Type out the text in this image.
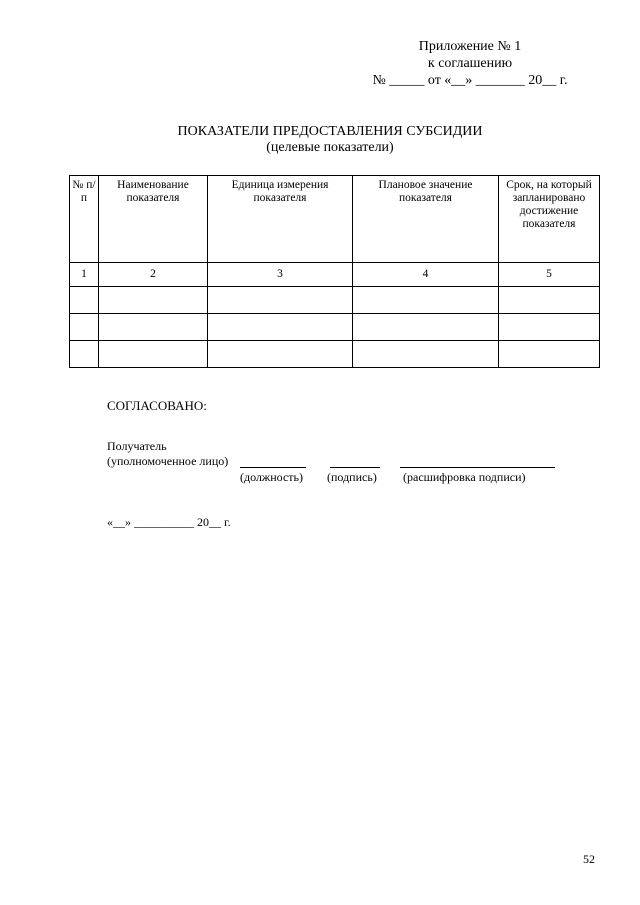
Приложение № 1
к соглашению
№ _____ от «__» _______ 20__ г.
ПОКАЗАТЕЛИ ПРЕДОСТАВЛЕНИЯ СУБСИДИИ
(целевые показатели)
№ п/п	Наименование показателя	Единица измерения показателя	Плановое значение показателя	Срок, на который запланировано достижение показателя
1	2	3	4	5

СОГЛАСОВАНО:
Получатель
(уполномоченное лицо)
(должность) (подпись) (расшифровка подписи)
«__» __________ 20__ г.
52
